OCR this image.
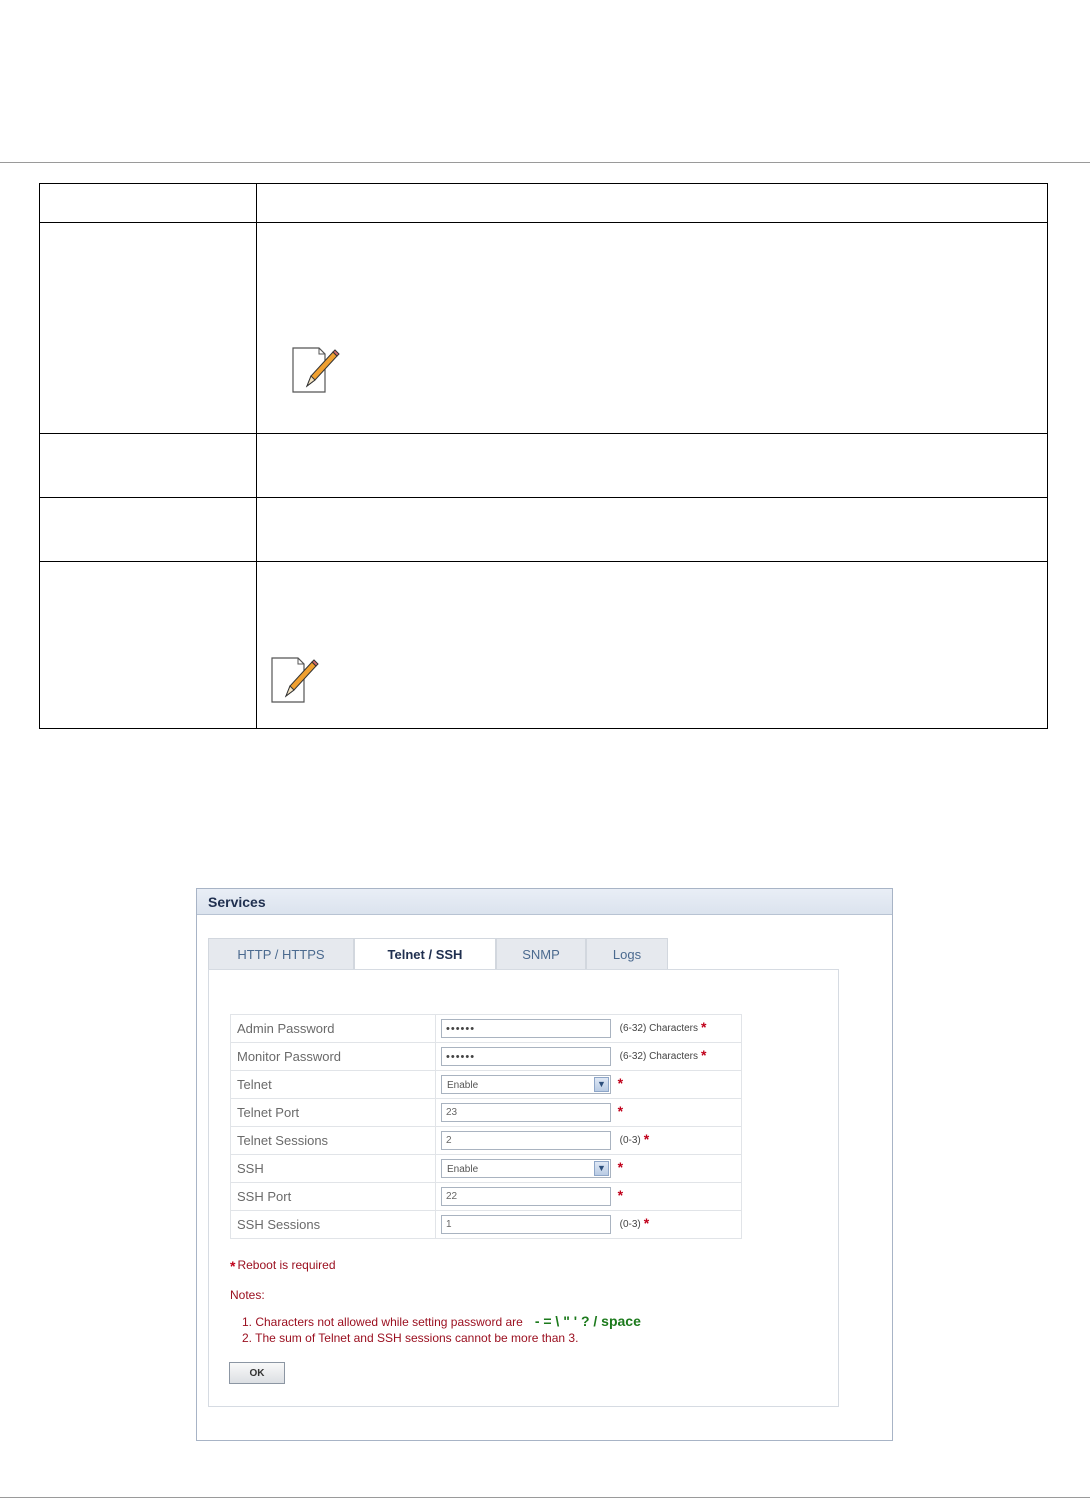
Services
HTTP / HTTPS	Telnet / SSH	SNMP	Logs
Admin Password	••••••(6-32) Characters *
Monitor Password	••••••(6-32) Characters *
Telnet	Enable ▼ *
Telnet Port	23*
Telnet Sessions	2(0-3) *
SSH	Enable ▼ *
SSH Port	22*
SSH Sessions	1(0-3) *
* Reboot is required
Notes:
1. Characters not allowed while setting password are - = \ " ' ? / space
2. The sum of Telnet and SSH sessions cannot be more than 3.
OK
